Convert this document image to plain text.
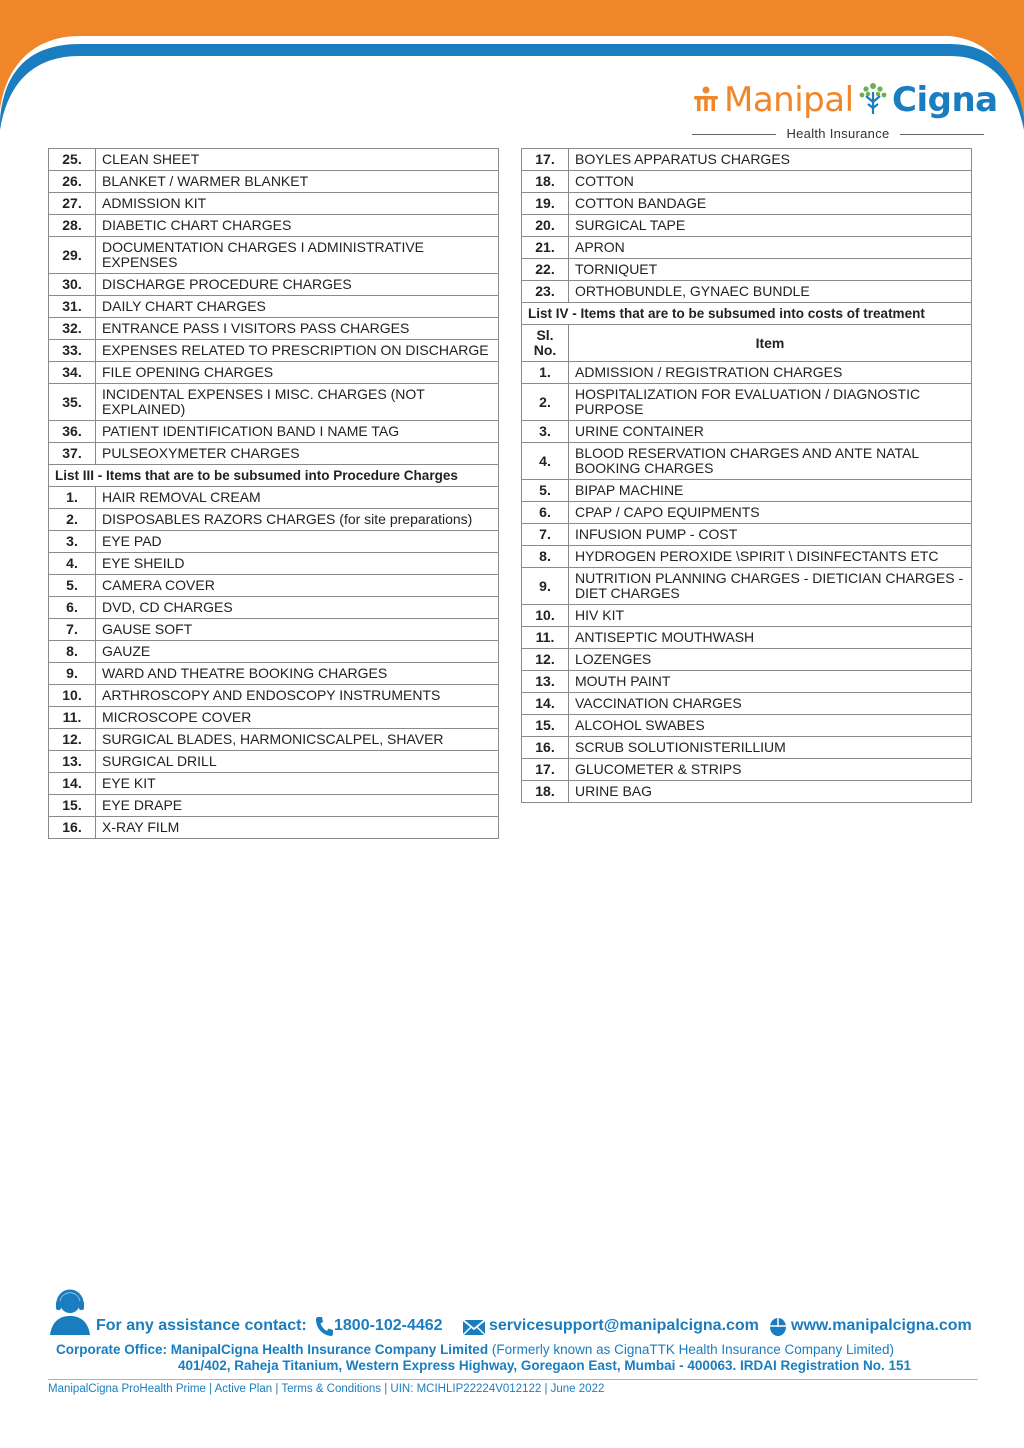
Manipal Cigna
Health Insurance
25.	CLEAN SHEET
26.	BLANKET / WARMER BLANKET
27.	ADMISSION KIT
28.	DIABETIC CHART CHARGES
29.	DOCUMENTATION CHARGES I ADMINISTRATIVE EXPENSES
30.	DISCHARGE PROCEDURE CHARGES
31.	DAILY CHART CHARGES
32.	ENTRANCE PASS I VISITORS PASS CHARGES
33.	EXPENSES RELATED TO PRESCRIPTION ON DISCHARGE
34.	FILE OPENING CHARGES
35.	INCIDENTAL EXPENSES I MISC. CHARGES (NOT EXPLAINED)
36.	PATIENT IDENTIFICATION BAND I NAME TAG
37.	PULSEOXYMETER CHARGES
List III - Items that are to be subsumed into Procedure Charges	
1.	HAIR REMOVAL CREAM
2.	DISPOSABLES RAZORS CHARGES (for site preparations)
3.	EYE PAD
4.	EYE SHEILD
5.	CAMERA COVER
6.	DVD, CD CHARGES
7.	GAUSE SOFT
8.	GAUZE
9.	WARD AND THEATRE BOOKING CHARGES
10.	ARTHROSCOPY AND ENDOSCOPY INSTRUMENTS
11.	MICROSCOPE COVER
12.	SURGICAL BLADES, HARMONICSCALPEL, SHAVER
13.	SURGICAL DRILL
14.	EYE KIT
15.	EYE DRAPE
16.	X-RAY FILM
17.	BOYLES APPARATUS CHARGES
18.	COTTON
19.	COTTON BANDAGE
20.	SURGICAL TAPE
21.	APRON
22.	TORNIQUET
23.	ORTHOBUNDLE, GYNAEC BUNDLE
List IV - Items that are to be subsumed into costs of treatment	
Sl. No.	Item
1.	ADMISSION / REGISTRATION CHARGES
2.	HOSPITALIZATION FOR EVALUATION / DIAGNOSTIC PURPOSE
3.	URINE CONTAINER
4.	BLOOD RESERVATION CHARGES AND ANTE NATAL BOOKING CHARGES
5.	BIPAP MACHINE
6.	CPAP / CAPO EQUIPMENTS
7.	INFUSION PUMP - COST
8.	HYDROGEN PEROXIDE \SPIRIT \ DISINFECTANTS ETC
9.	NUTRITION PLANNING CHARGES - DIETICIAN CHARGES - DIET CHARGES
10.	HIV KIT
11.	ANTISEPTIC MOUTHWASH
12.	LOZENGES
13.	MOUTH PAINT
14.	VACCINATION CHARGES
15.	ALCOHOL SWABES
16.	SCRUB SOLUTIONISTERILLIUM
17.	GLUCOMETER & STRIPS
18.	URINE BAG
For any assistance contact: 1800-102-4462	servicesupport@manipalcigna.com www.manipalcigna.com
Corporate Office: ManipalCigna Health Insurance Company Limited (Formerly known as CignaTTK Health Insurance Company Limited)
401/402, Raheja Titanium, Western Express Highway, Goregaon East, Mumbai - 400063. IRDAI Registration No. 151
ManipalCigna ProHealth Prime | Active Plan | Terms & Conditions | UIN: MCIHLIP22224V012122 | June 2022
